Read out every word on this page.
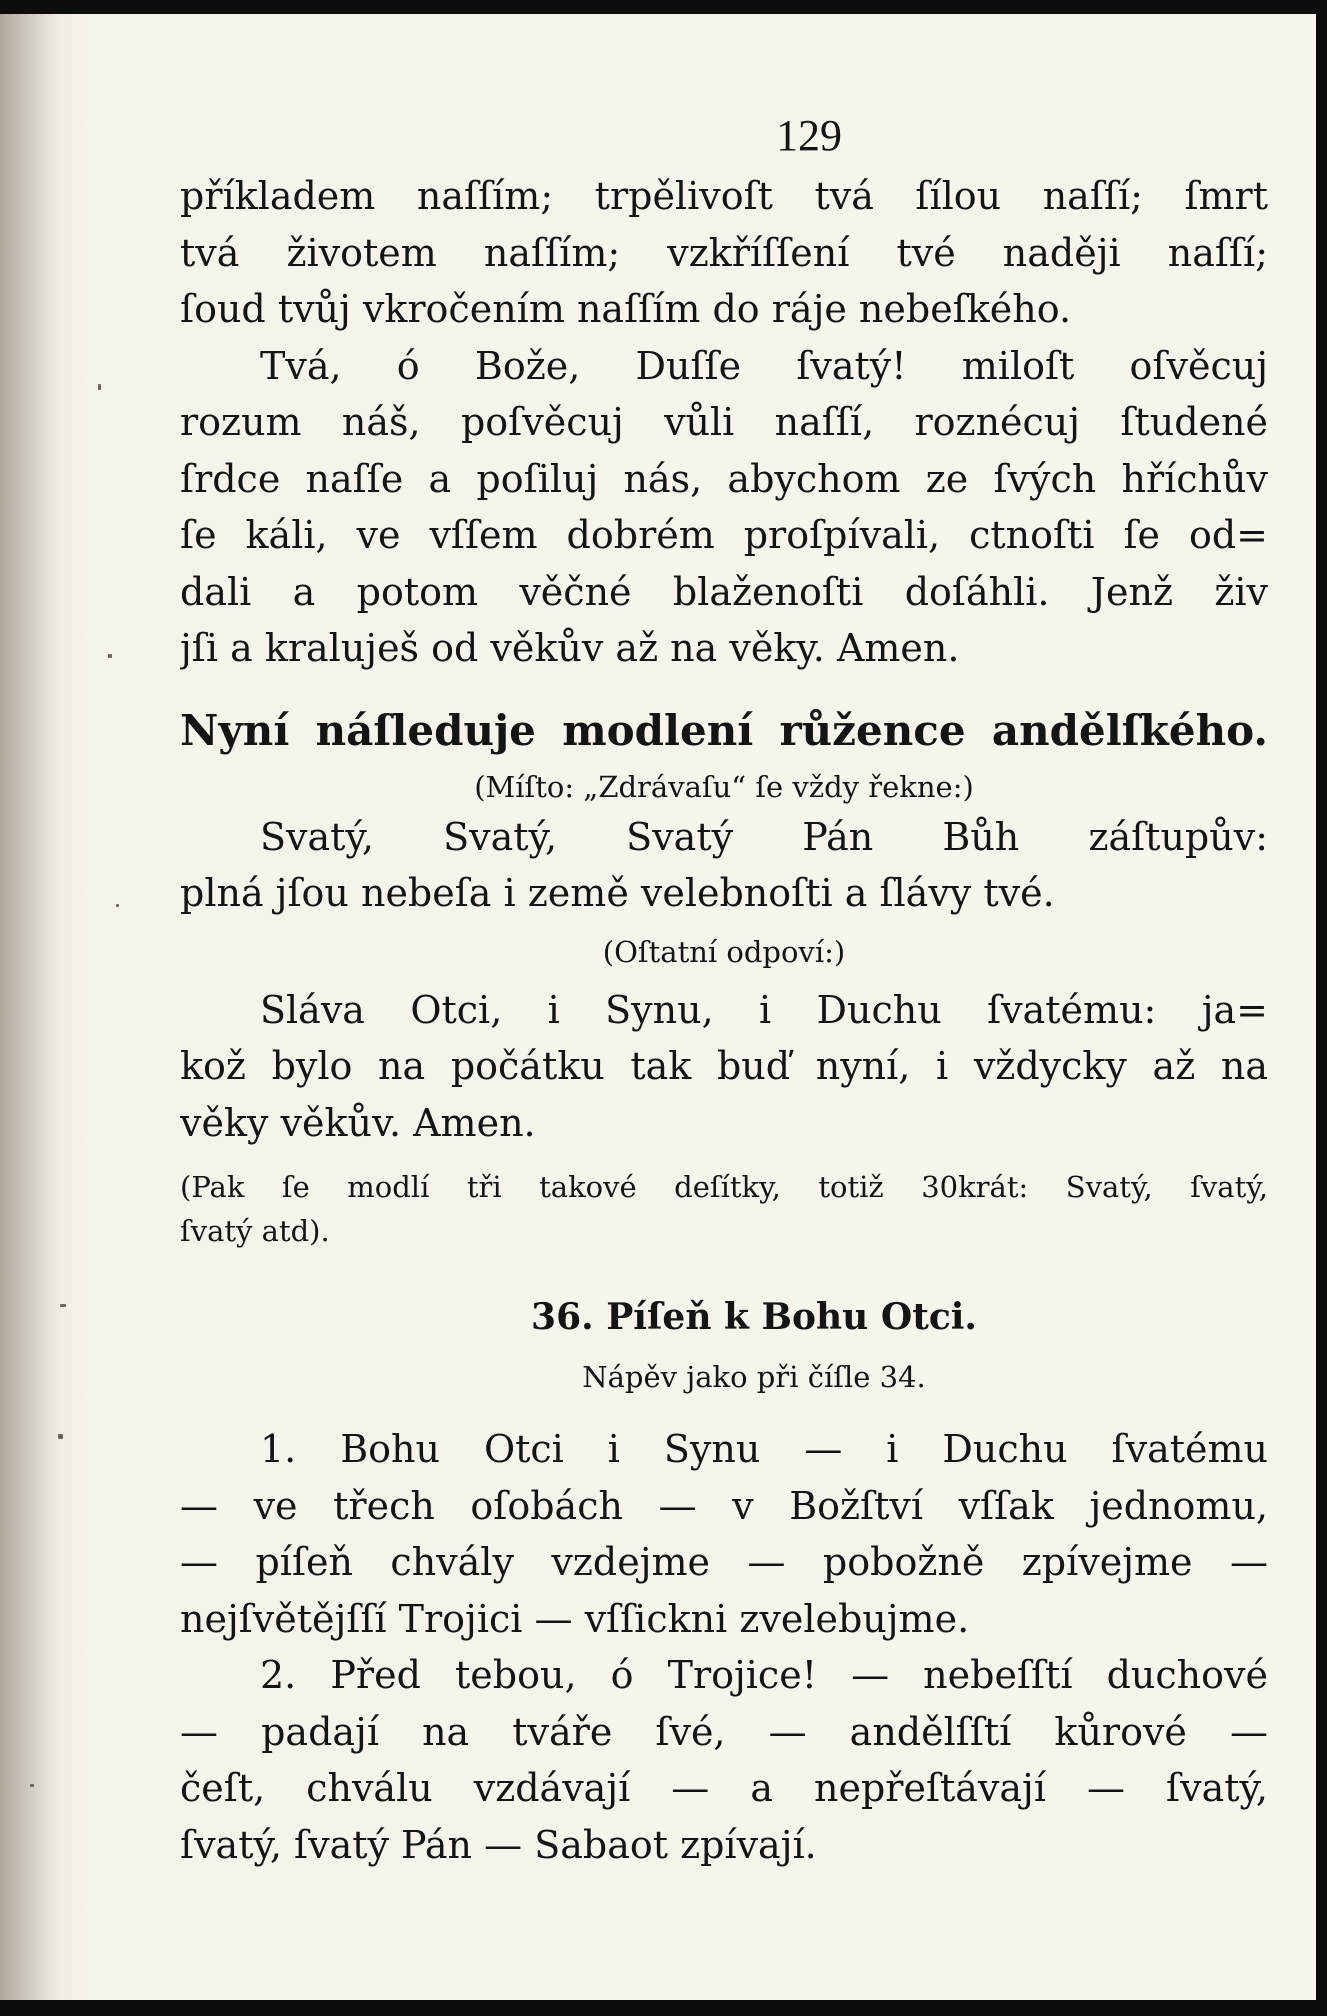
129
příkladem naſſím; trpělivoſt tvá ſílou naſſí; ſmrt
tvá životem naſſím; vzkříſſení tvé naději naſſí;
ſoud tvůj vkročením naſſím do ráje nebeſkého.
Tvá, ó Bože, Duſſe ſvatý! miloſt oſvěcuj
rozum náš, poſvěcuj vůli naſſí, roznécuj ſtudené
ſrdce naſſe a poſiluj nás, abychom ze ſvých hříchův
ſe káli, ve vſſem dobrém proſpívali, ctnoſti ſe od=
dali a potom věčné blaženoſti doſáhli. Jenž živ
jſi a kraluješ od věkův až na věky. Amen.
Nyní náſleduje modlení růžence andělſkého.
(Míſto: „Zdrávaſu“ ſe vždy řekne:)
Svatý, Svatý, Svatý Pán Bůh záſtupův:
plná jſou nebeſa i země velebnoſti a ſlávy tvé.
(Oſtatní odpoví:)
Sláva Otci, i Synu, i Duchu ſvatému: ja=
kož bylo na počátku tak buď nyní, i vždycky až na
věky věkův. Amen.
(Pak ſe modlí tři takové deſítky, totiž 30krát: Svatý, ſvatý,
ſvatý atd).
36. Píſeň k Bohu Otci.
Nápěv jako při číſle 34.
1. Bohu Otci i Synu — i Duchu ſvatému
— ve třech oſobách — v Božſtví vſſak jednomu,
— píſeň chvály vzdejme — pobožně zpívejme —
nejſvětějſſí Trojici — vſſickni zvelebujme.
2. Před tebou, ó Trojice! — nebeſſtí duchové
— padají na tváře ſvé, — andělſſtí kůrové —
čeſt, chválu vzdávají — a nepřeſtávají — ſvatý,
ſvatý, ſvatý Pán — Sabaot zpívají.
